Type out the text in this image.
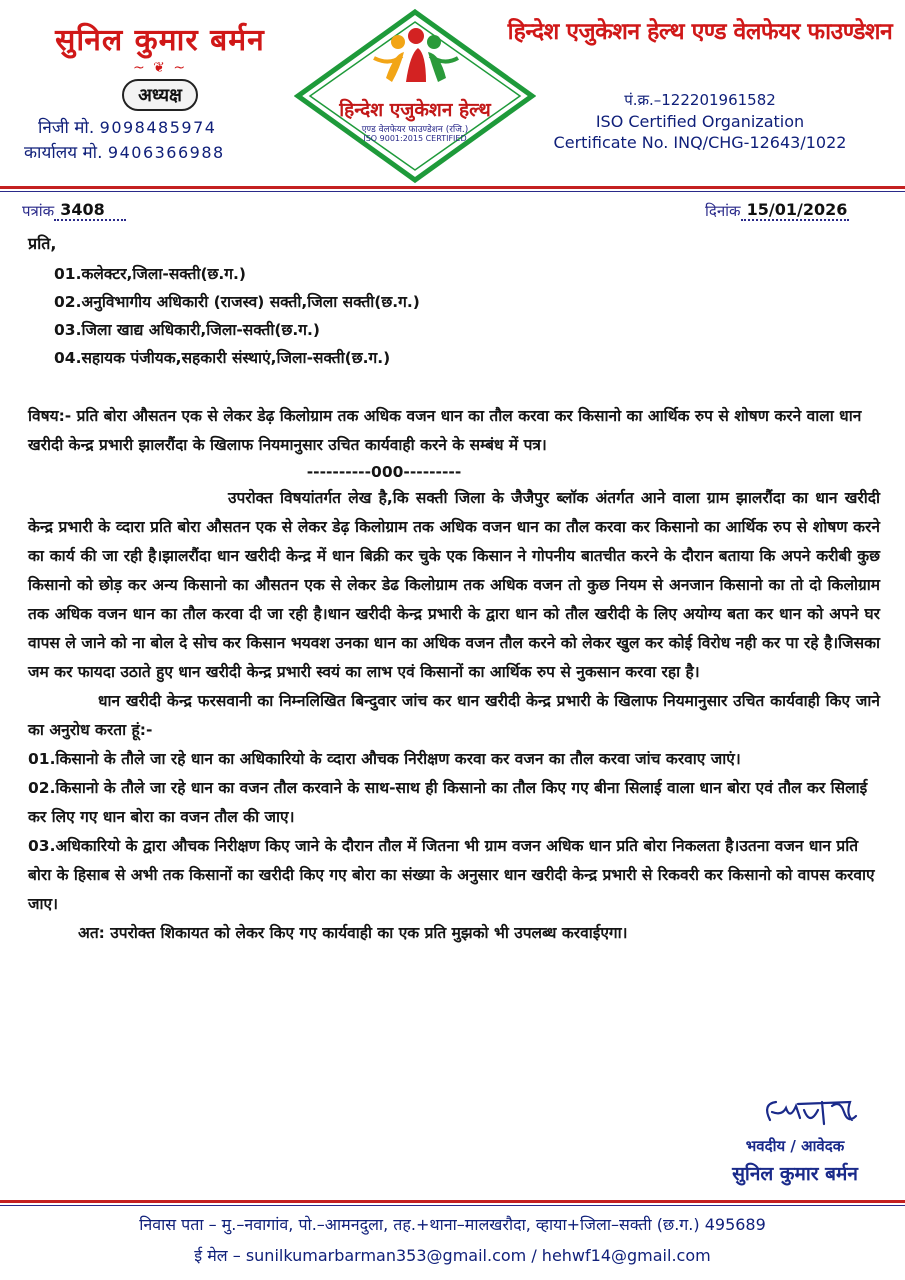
सुनिल कुमार बर्मन
~ ❦ ~
अध्यक्ष
निजी मो. 9098485974
कार्यालय मो. 9406366988
हिन्देश एजुकेशन हेल्थ
एण्ड वेलफेयर फाउण्डेशन (रजि.)
ISO 9001:2015 CERTIFIED
हिन्देश एजुकेशन हेल्थ एण्ड वेलफेयर फाउण्डेशन
पं.क्र.–122201961582
ISO Certified Organization
Certificate No. INQ/CHG-12643/1022
पत्रांक 3408	दिनांक 15/01/2026
प्रति,
01.कलेक्टर,जिला-सक्ती(छ.ग.)
02.अनुविभागीय अधिकारी (राजस्व) सक्ती,जिला सक्ती(छ.ग.)
03.जिला खाद्य अधिकारी,जिला-सक्ती(छ.ग.)
04.सहायक पंजीयक,सहकारी संस्थाएं,जिला-सक्ती(छ.ग.)
विषय:- प्रति बोरा औसतन एक से लेकर डेढ़ किलोग्राम तक अधिक वजन धान का तौल करवा कर किसानो का आर्थिक रुप से शोषण करने वाला धान खरीदी केन्द्र प्रभारी झालरौंदा के खिलाफ नियमानुसार उचित कार्यवाही करने के सम्बंध में पत्र।
----------000---------
उपरोक्त विषयांतर्गत लेख है,कि सक्ती जिला के जैजैपुर ब्लॉक अंतर्गत आने वाला ग्राम झालरौंदा का धान खरीदी केन्द्र प्रभारी के व्दारा प्रति बोरा औसतन एक से लेकर डेढ़ किलोग्राम तक अधिक वजन धान का तौल करवा कर किसानो का आर्थिक रुप से शोषण करने का कार्य की जा रही है।झालरौंदा धान खरीदी केन्द्र में धान बिक्री कर चुके एक किसान ने गोपनीय बातचीत करने के दौरान बताया कि अपने करीबी कुछ किसानो को छोड़ कर अन्य किसानो का औसतन एक से लेकर डेढ किलोग्राम तक अधिक वजन तो कुछ नियम से अनजान किसानो का तो दो किलोग्राम तक अधिक वजन धान का तौल करवा दी जा रही है।धान खरीदी केन्द्र प्रभारी के द्वारा धान को तौल खरीदी के लिए अयोग्य बता कर धान को अपने घर वापस ले जाने को ना बोल दे सोच कर किसान भयवश उनका धान का अधिक वजन तौल करने को लेकर खुल कर कोई विरोध नही कर पा रहे है।जिसका जम कर फायदा उठाते हुए धान खरीदी केन्द्र प्रभारी स्वयं का लाभ एवं किसानों का आर्थिक रुप से नुकसान करवा रहा है।
धान खरीदी केन्द्र फरसवानी का निम्नलिखित बिन्दुवार जांच कर धान खरीदी केन्द्र प्रभारी के खिलाफ नियमानुसार उचित कार्यवाही किए जाने का अनुरोध करता हूं:-
01.किसानो के तौले जा रहे धान का अधिकारियो के व्दारा औचक निरीक्षण करवा कर वजन का तौल करवा जांच करवाए जाएं।
02.किसानो के तौले जा रहे धान का वजन तौल करवाने के साथ-साथ ही किसानो का तौल किए गए बीना सिलाई वाला धान बोरा एवं तौल कर सिलाई कर लिए गए धान बोरा का वजन तौल की जाए।
03.अधिकारियो के द्वारा औचक निरीक्षण किए जाने के दौरान तौल में जितना भी ग्राम वजन अधिक धान प्रति बोरा निकलता है।उतना वजन धान प्रति बोरा के हिसाब से अभी तक किसानों का खरीदी किए गए बोरा का संख्या के अनुसार धान खरीदी केन्द्र प्रभारी से रिकवरी कर किसानो को वापस करवाए जाए।
अत: उपरोक्त शिकायत को लेकर किए गए कार्यवाही का एक प्रति मुझको भी उपलब्ध करवाईएगा।
भवदीय / आवेदक
सुनिल कुमार बर्मन
निवास पता – मु.–नवागांव, पो.–आमनदुला, तह.+थाना–मालखरौदा, व्हाया+जिला–सक्ती (छ.ग.) 495689
ई मेल – sunilkumarbarman353@gmail.com / hehwf14@gmail.com
